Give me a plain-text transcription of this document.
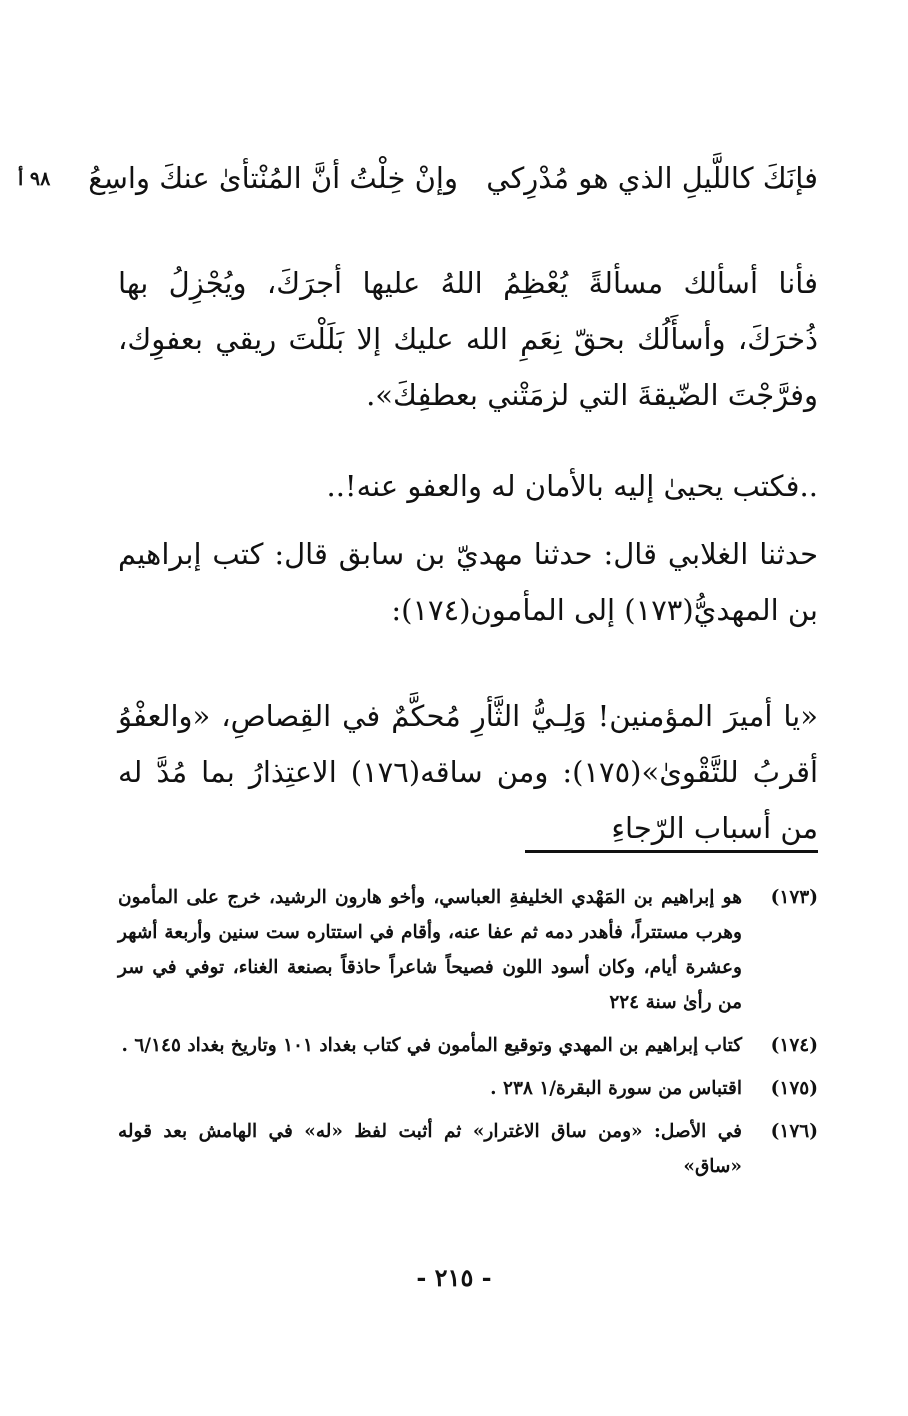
فإنَكَ كاللَّيلِ الذي هو مُدْرِكي
وإنْ خِلْتُ أنَّ المُنْتأىٰ عنكَ واسِعُ
٩٨ أ
فأنا أسألك مسألةً يُعْظِمُ اللهُ عليها أجرَكَ، ويُجْزِلُ بها ذُخرَكَ، وأسأَلُك بحقّ نِعَمِ الله عليك إلا بَلَلْتَ ريقي بعفوِك، وفرَّجْتَ الضّيقةَ التي لزمَتْني بعطفِكَ».
..فكتب يحيىٰ إليه بالأمان له والعفو عنه!..
حدثنا الغلابي قال: حدثنا مهديّ بن سابق قال: كتب إبراهيم بن المهديُّ(١٧٣) إلى المأمون(١٧٤):
«يا أميرَ المؤمنين! وَلِـيُّ الثَّأرِ مُحكَّمٌ في القِصاصِ، «والعفْوُ أقربُ للتَّقْوىٰ»(١٧٥): ومن ساقه(١٧٦) الاعتِذارُ بما مُدَّ له من أسباب الرّجاءِ
(١٧٣)
هو إبراهيم بن المَهْدي الخليفةِ العباسي، وأخو هارون الرشيد، خرج على المأمون وهرب مستتراً، فأهدر دمه ثم عفا عنه، وأقام في استتاره ست سنين وأربعة أشهر وعشرة أيام، وكان أسود اللون فصيحاً شاعراً حاذقاً بصنعة الغناء، توفي في سر من رأىٰ سنة ٢٢٤
(١٧٤)
كتاب إبراهيم بن المهدي وتوقيع المأمون في كتاب بغداد ١٠١ وتاريخ بغداد ٦/١٤٥ .
(١٧٥)
اقتباس من سورة البقرة/١ ٢٣٨ .
(١٧٦)
في الأصل: «ومن ساق الاغترار» ثم أثبت لفظ «له» في الهامش بعد قوله «ساق»
- ٢١٥ -
